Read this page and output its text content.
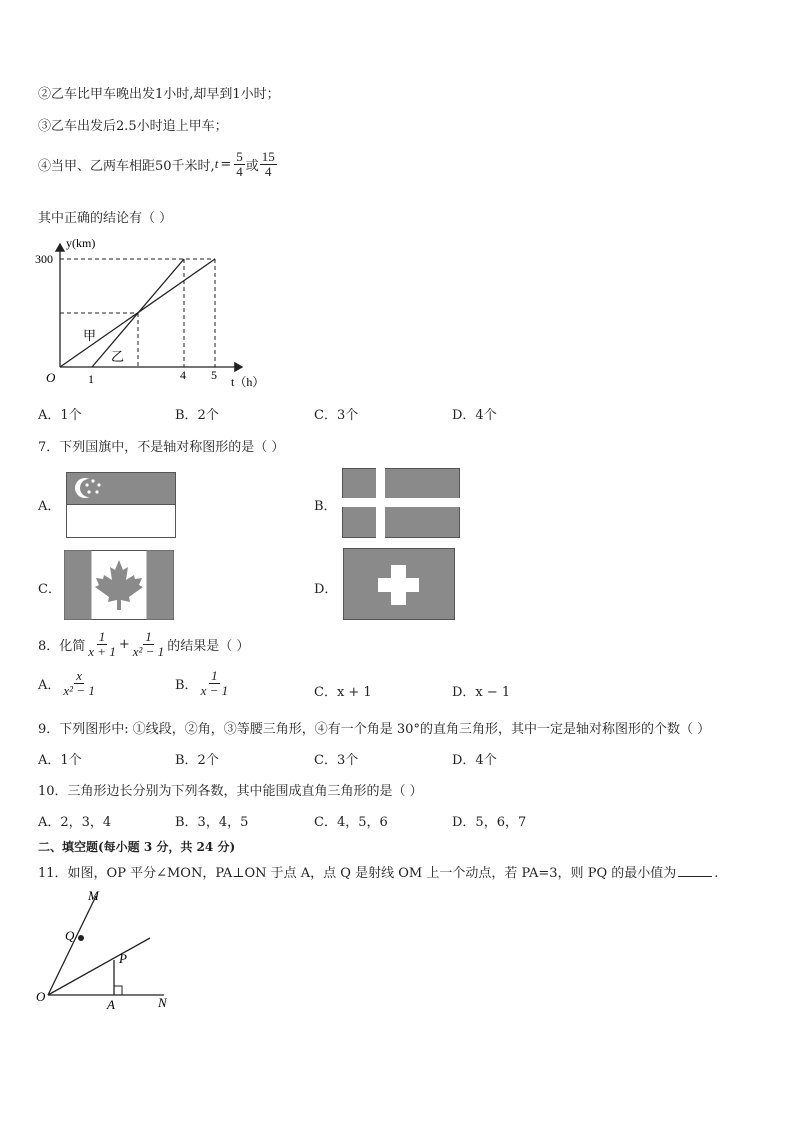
②乙车比甲车晚出发1小时,却早到1小时；
③乙车出发后2.5小时追上甲车；
④当甲、乙两车相距50千米时, $t = \frac{5}{4}$ 或 $\frac{15}{4}$
其中正确的结论有（ ）
y(km)
300
O	1	4 5 t（h）
甲
乙
A．1个	B．2个	C．3个	D．4个
7．下列国旗中，不是轴对称图形的是（ ）
A．	B．
C．	D．
8．化简 $\frac{1}{x + 1} + \frac{1}{\text{x² − 1}}$ 的结果是（ ）
A． $\frac{x}{\text{x² − 1}}$	B． $\frac{1}{x - 1}$	C．x + 1	D．x − 1
9．下列图形中: ①线段，②角，③等腰三角形，④有一个角是 30°的直角三角形，其中一定是轴对称图形的个数（ ）
A．1个	B．2个	C．3个	D．4个
10．三角形边长分别为下列各数，其中能围成直角三角形的是（ ）
A．2，3，4	B．3，4，5	C．4，5，6	D．5，6，7
二、填空题(每小题 3 分，共 24 分)
11．如图，OP 平分∠MON，PA⊥ON 于点 A，点 Q 是射线 OM 上一个动点，若 PA=3，则 PQ 的最小值为	.
M
Q
P
O
A	N
